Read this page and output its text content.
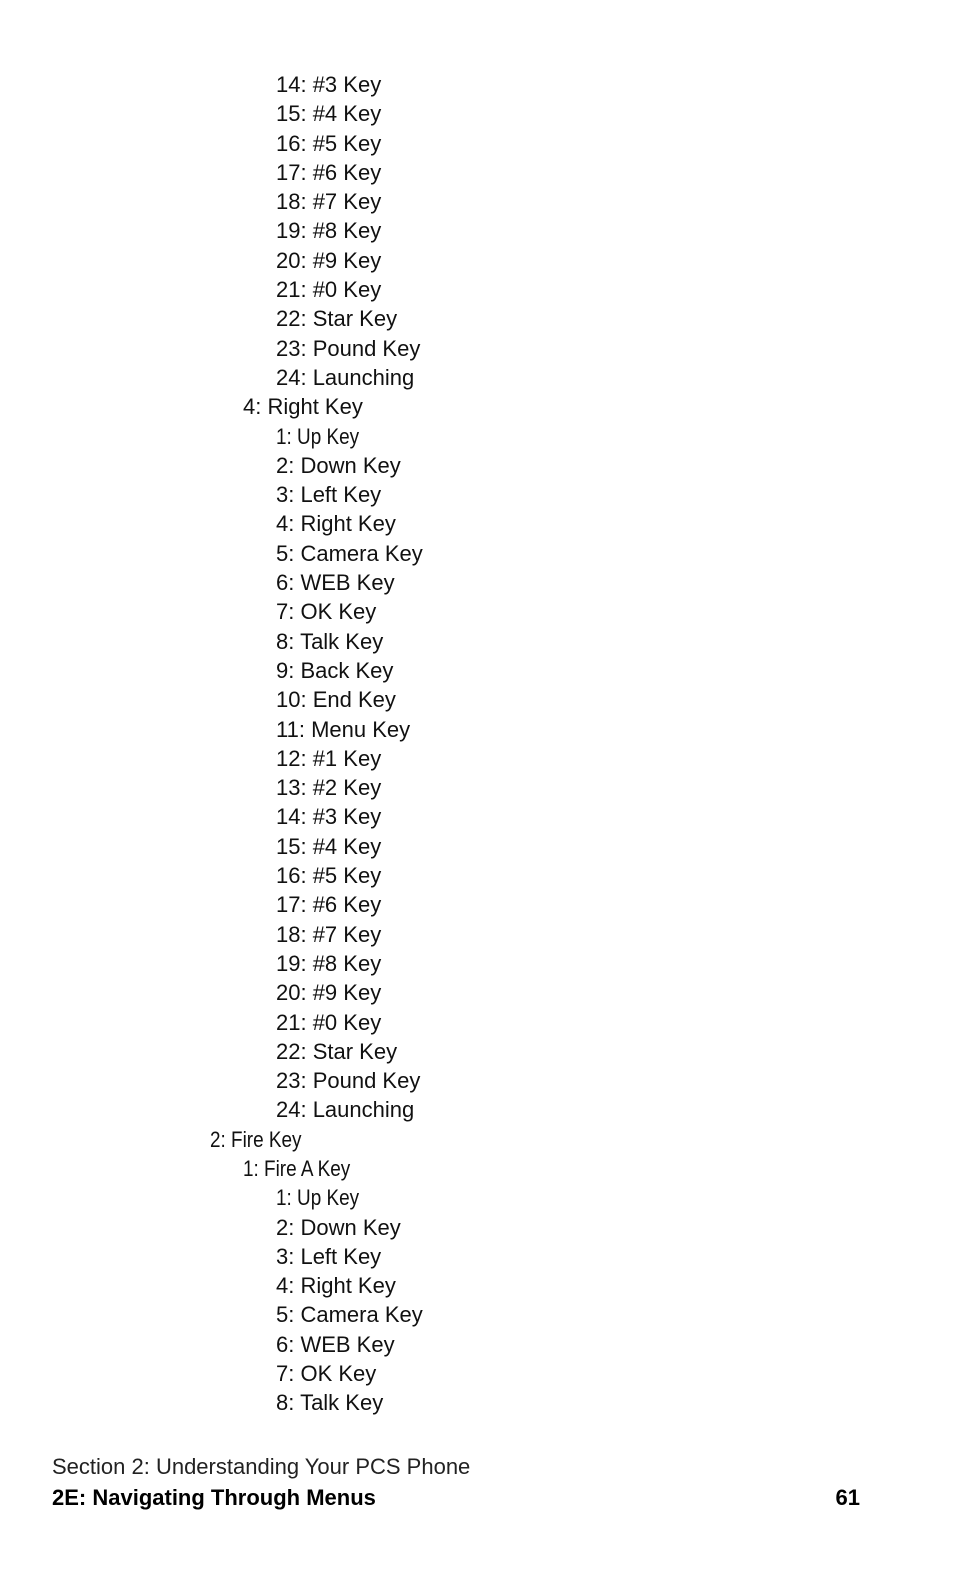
14: #3 Key
15: #4 Key
16: #5 Key
17: #6 Key
18: #7 Key
19: #8 Key
20: #9 Key
21: #0 Key
22: Star Key
23: Pound Key
24: Launching
4: Right Key
1: Up Key
2: Down Key
3: Left Key
4: Right Key
5: Camera Key
6: WEB Key
7: OK Key
8: Talk Key
9: Back Key
10: End Key
11: Menu Key
12: #1 Key
13: #2 Key
14: #3 Key
15: #4 Key
16: #5 Key
17: #6 Key
18: #7 Key
19: #8 Key
20: #9 Key
21: #0 Key
22: Star Key
23: Pound Key
24: Launching
2: Fire Key
1: Fire A Key
1: Up Key
2: Down Key
3: Left Key
4: Right Key
5: Camera Key
6: WEB Key
7: OK Key
8: Talk Key
Section 2: Understanding Your PCS Phone
2E: Navigating Through Menus	61
